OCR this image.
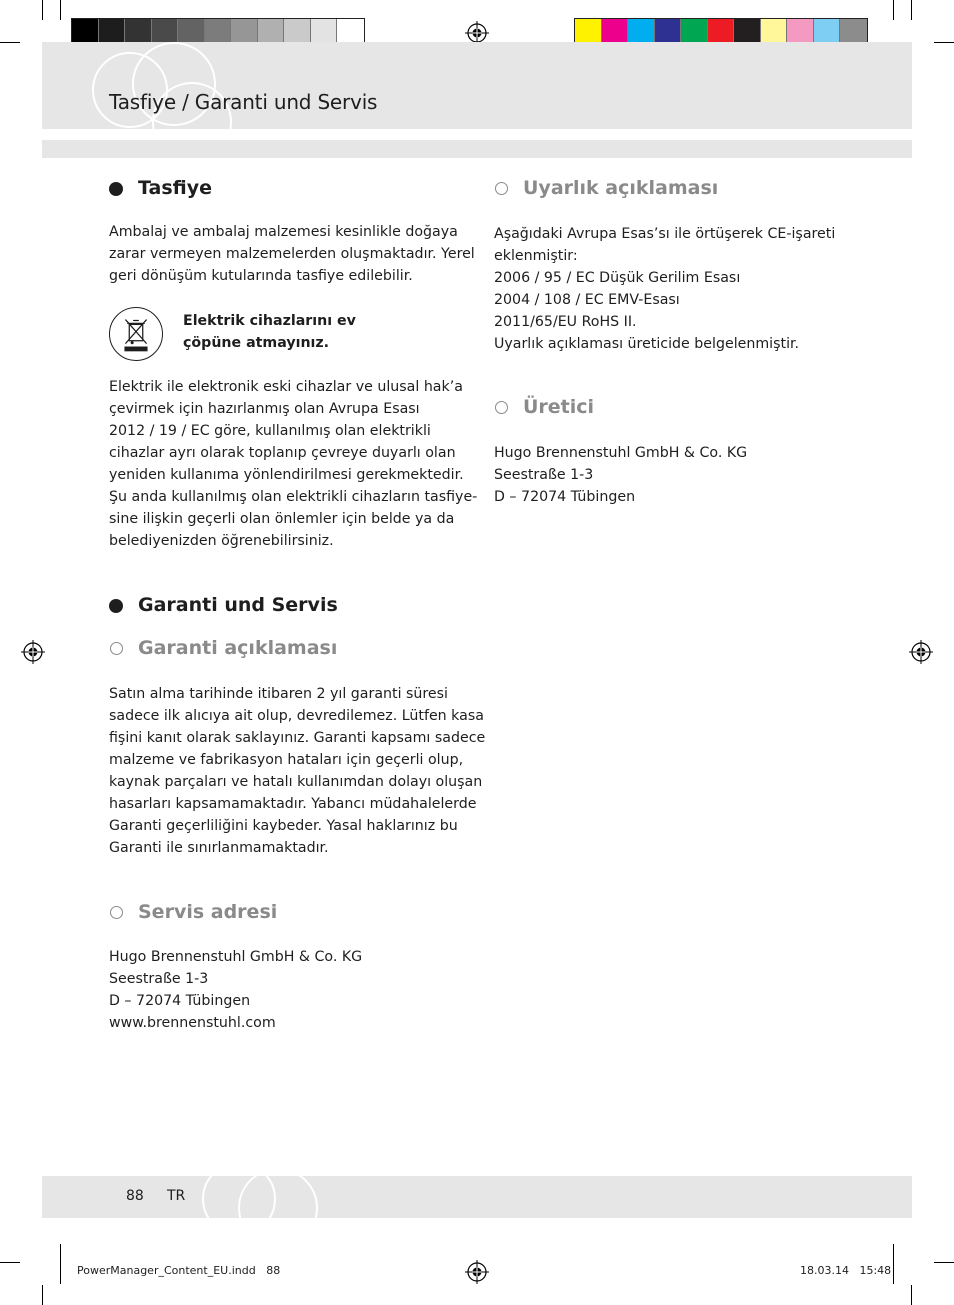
Tasfiye / Garanti und Servis
Tasfiye
Ambalaj ve ambalaj malzemesi kesinlikle doğaya
zarar vermeyen malzemelerden oluşmaktadır. Yerel
geri dönüşüm kutularında tasfiye edilebilir.
Elektrik cihazlarını ev
çöpüne atmayınız.
Elektrik ile elektronik eski cihazlar ve ulusal hak’a
çevirmek için hazırlanmış olan Avrupa Esası
2012 / 19 / EC göre, kullanılmış olan elektrikli
cihazlar ayrı olarak toplanıp çevreye duyarlı olan
yeniden kullanıma yönlendirilmesi gerekmektedir.
Şu anda kullanılmış olan elektrikli cihazların tasfiye-
sine ilişkin geçerli olan önlemler için belde ya da
belediyenizden öğrenebilirsiniz.
Garanti und Servis
Garanti açıklaması
Satın alma tarihinde itibaren 2 yıl garanti süresi
sadece ilk alıcıya ait olup, devredilemez. Lütfen kasa
fişini kanıt olarak saklayınız. Garanti kapsamı sadece
malzeme ve fabrikasyon hataları için geçerli olup,
kaynak parçaları ve hatalı kullanımdan dolayı oluşan
hasarları kapsamamaktadır. Yabancı müdahalelerde
Garanti geçerliliğini kaybeder. Yasal haklarınız bu
Garanti ile sınırlanmamaktadır.
Servis adresi
Hugo Brennenstuhl GmbH & Co. KG
Seestraße 1-3
D – 72074 Tübingen
www.brennenstuhl.com
Uyarlık açıklaması
Aşağıdaki Avrupa Esas’sı ile örtüşerek CE-işareti
eklenmiştir:
2006 / 95 / EC Düşük Gerilim Esası
2004 / 108 / EC EMV-Esası
2011/65/EU RoHS II.
Uyarlık açıklaması üreticide belgelenmiştir.
Üretici
Hugo Brennenstuhl GmbH & Co. KG
Seestraße 1-3
D – 72074 Tübingen
88 TR
PowerManager_Content_EU.indd   88	18.03.14   15:48
